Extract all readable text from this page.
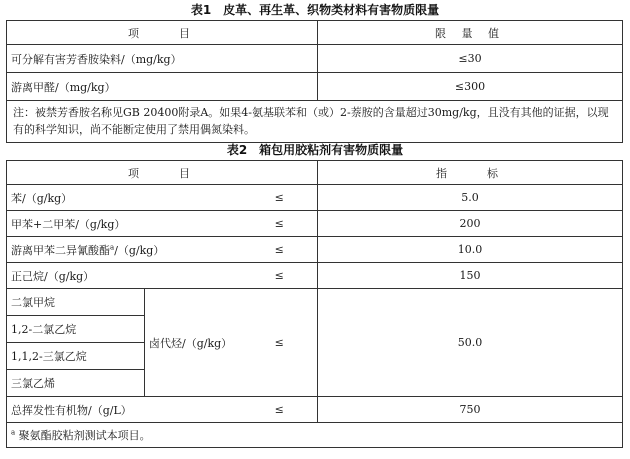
表1　皮革、再生革、织物类材料有害物质限量
项　　目	限 量 值
可分解有害芳香胺染料/（mg/kg）	≤30
游离甲醛/（mg/kg）	≤300
注：被禁芳香胺名称见GB 20400附录A。如果4-氨基联苯和（或）2-萘胺的含量超过30mg/kg，且没有其他的证据，以现有的科学知识，尚不能断定使用了禁用偶氮染料。	
表2　箱包用胶粘剂有害物质限量
项　　目			指　　标
苯/（g/kg）		≤	5.0
甲苯+二甲苯/（g/kg）		≤	200
游离甲苯二异氰酸酯$^a$/（g/kg）		≤	10.0
正己烷/（g/kg）		≤	150
二氯甲烷	卤代烃/（g/kg）	≤	50.0
1,2-二氯乙烷			
1,1,2-三氯乙烷			
三氯乙烯			
总挥发性有机物/（g/L）		≤	750
$^a$ 聚氨酯胶粘剂测试本项目。			
